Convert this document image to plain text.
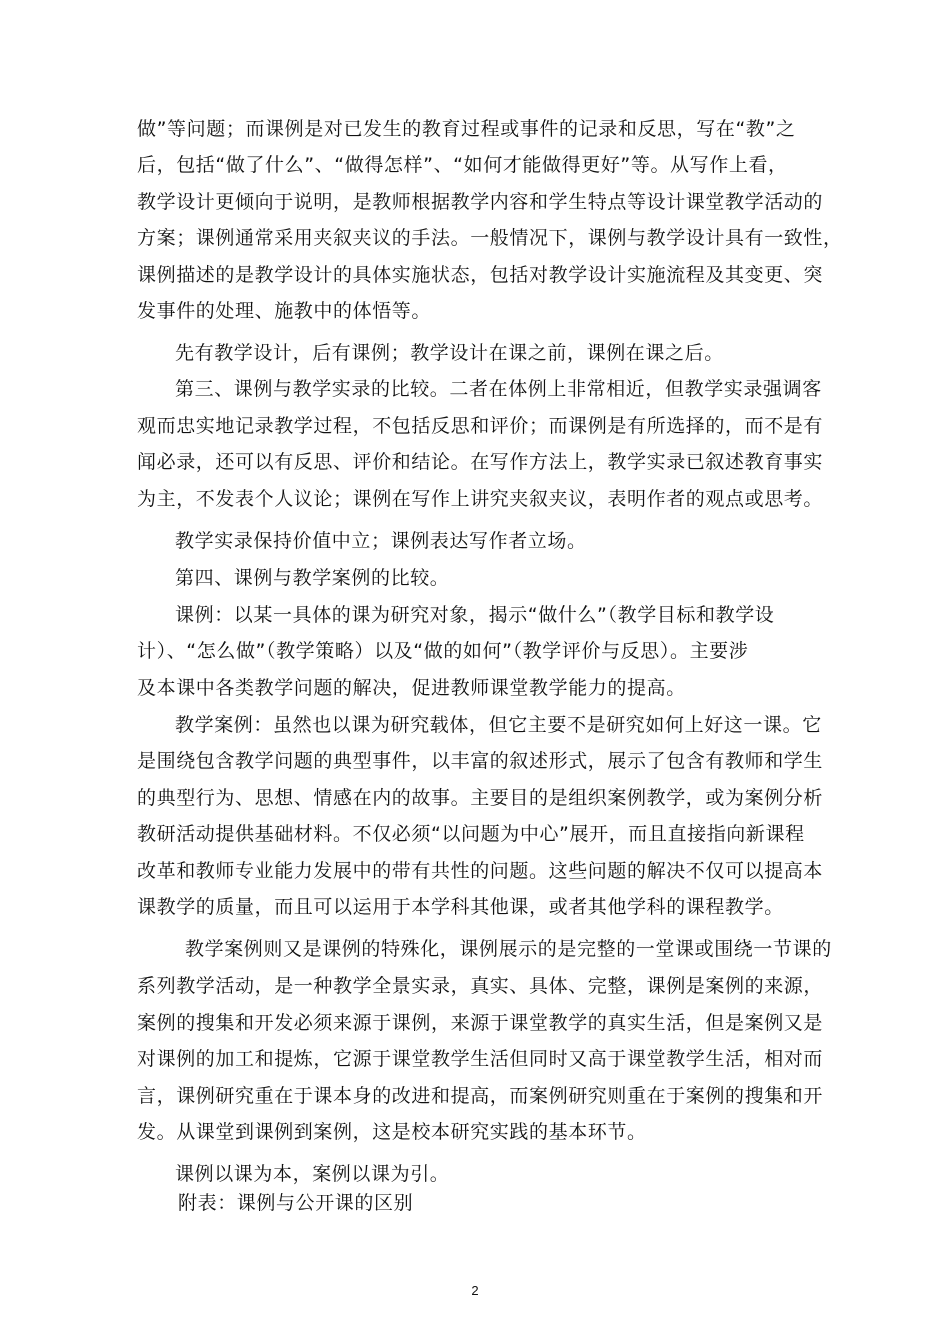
做”等问题；而课例是对已发生的教育过程或事件的记录和反思，写在“教”之
后，包括“做了什么”、“做得怎样”、“如何才能做得更好”等。从写作上看，
教学设计更倾向于说明，是教师根据教学内容和学生特点等设计课堂教学活动的
方案；课例通常采用夹叙夹议的手法。一般情况下，课例与教学设计具有一致性，
课例描述的是教学设计的具体实施状态，包括对教学设计实施流程及其变更、突
发事件的处理、施教中的体悟等。
先有教学设计，后有课例；教学设计在课之前，课例在课之后。
第三、课例与教学实录的比较。二者在体例上非常相近，但教学实录强调客
观而忠实地记录教学过程，不包括反思和评价；而课例是有所选择的，而不是有
闻必录，还可以有反思、评价和结论。在写作方法上，教学实录已叙述教育事实
为主，不发表个人议论；课例在写作上讲究夹叙夹议，表明作者的观点或思考。
教学实录保持价值中立；课例表达写作者立场。
第四、课例与教学案例的比较。
课例：以某一具体的课为研究对象，揭示“做什么”（教学目标和教学设
计）、“怎么做”（教学策略）以及“做的如何”（教学评价与反思）。主要涉
及本课中各类教学问题的解决，促进教师课堂教学能力的提高。
教学案例：虽然也以课为研究载体，但它主要不是研究如何上好这一课。它
是围绕包含教学问题的典型事件，以丰富的叙述形式，展示了包含有教师和学生
的典型行为、思想、情感在内的故事。主要目的是组织案例教学，或为案例分析
教研活动提供基础材料。不仅必须“以问题为中心”展开，而且直接指向新课程
改革和教师专业能力发展中的带有共性的问题。这些问题的解决不仅可以提高本
课教学的质量，而且可以运用于本学科其他课，或者其他学科的课程教学。
教学案例则又是课例的特殊化，课例展示的是完整的一堂课或围绕一节课的
系列教学活动，是一种教学全景实录，真实、具体、完整，课例是案例的来源，
案例的搜集和开发必须来源于课例，来源于课堂教学的真实生活，但是案例又是
对课例的加工和提炼，它源于课堂教学生活但同时又高于课堂教学生活，相对而
言，课例研究重在于课本身的改进和提高，而案例研究则重在于案例的搜集和开
发。从课堂到课例到案例，这是校本研究实践的基本环节。
课例以课为本，案例以课为引。
附表：课例与公开课的区别
2
